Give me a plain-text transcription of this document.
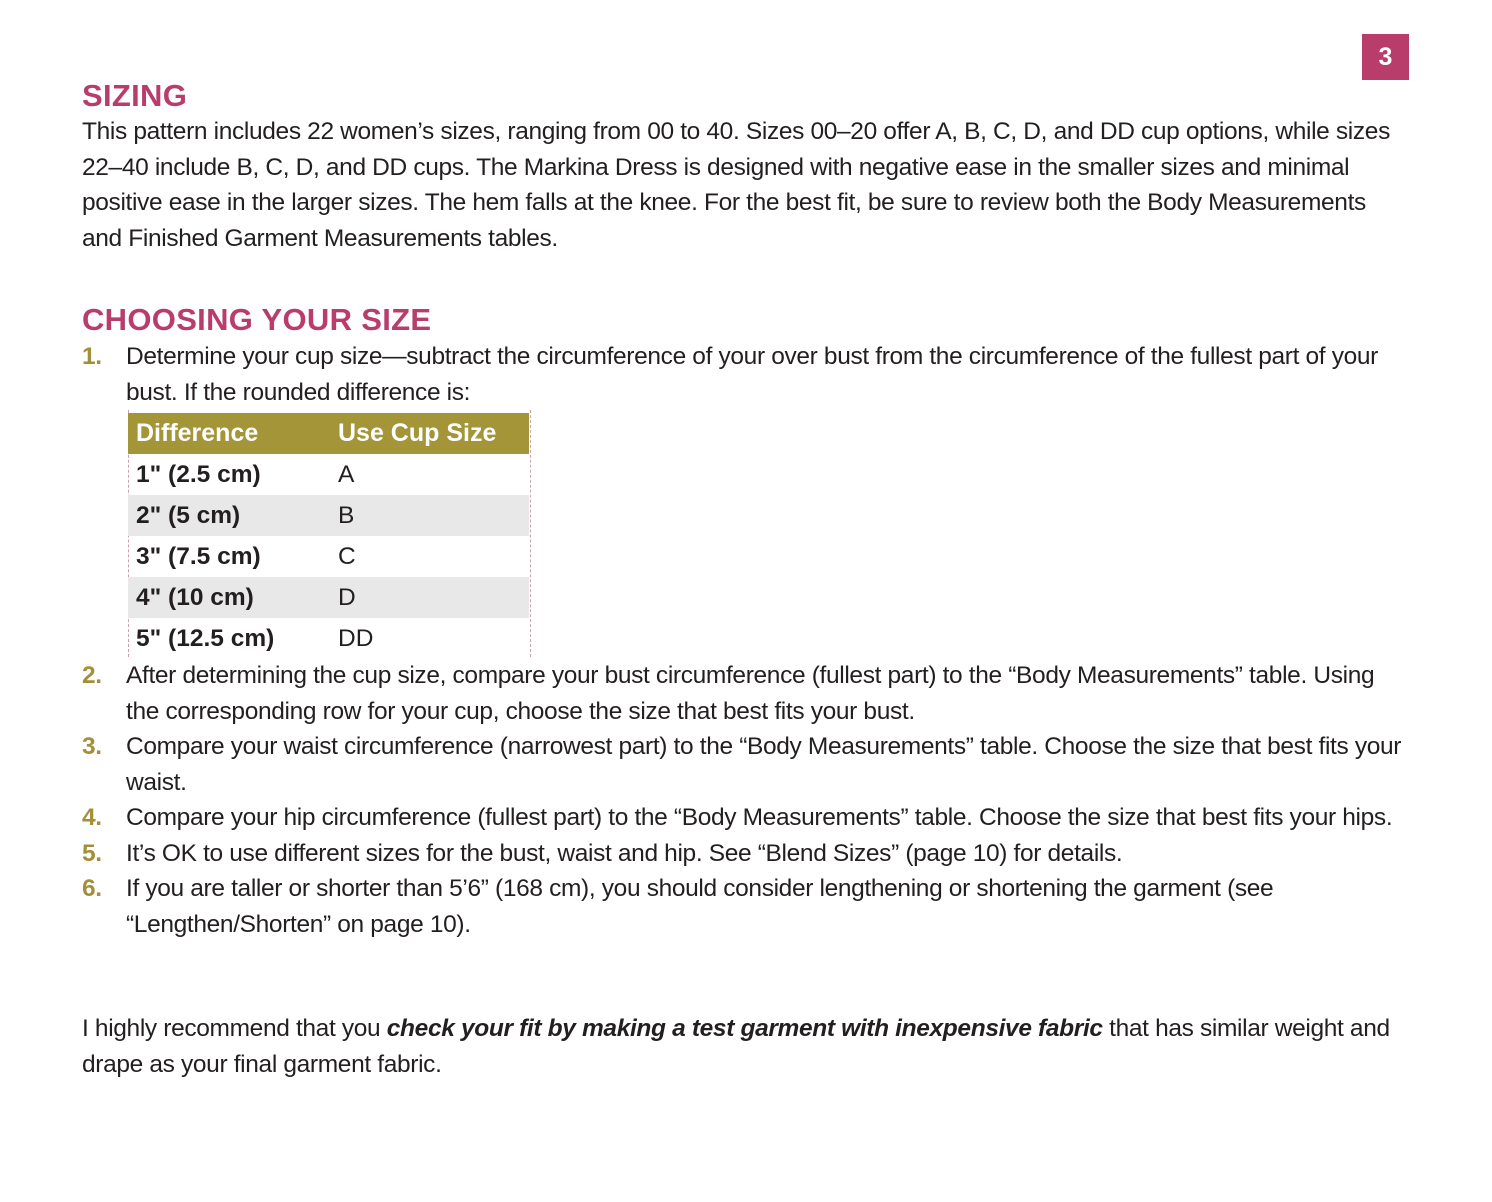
3
SIZING

This pattern includes 22 women’s sizes, ranging from 00 to 40. Sizes 00–20 offer A, B, C, D, and DD cup options, while sizes 22–40 include B, C, D, and DD cups. The Markina Dress is designed with negative ease in the smaller sizes and minimal positive ease in the larger sizes. The hem falls at the knee. For the best fit, be sure to review both the Body Measurements and Finished Garment Measurements tables.

CHOOSING YOUR SIZE
1. Determine your cup size—subtract the circumference of your over bust from the circumference of the fullest part of your bust. If the rounded difference is:
Difference	Use Cup Size
1" (2.5 cm)	A
2" (5 cm)	B
3" (7.5 cm)	C
4" (10 cm)	D
5" (12.5 cm)	DD
2. After determining the cup size, compare your bust circumference (fullest part) to the “Body Measurements” table. Using the corresponding row for your cup, choose the size that best fits your bust.
3. Compare your waist circumference (narrowest part) to the “Body Measurements” table. Choose the size that best fits your waist.
4. Compare your hip circumference (fullest part) to the “Body Measurements” table. Choose the size that best fits your hips.
5. It’s OK to use different sizes for the bust, waist and hip. See “Blend Sizes” (page 10) for details.
6. If you are taller or shorter than 5’6” (168 cm), you should consider lengthening or shortening the garment (see “Lengthen/Shorten” on page 10).

I highly recommend that you check your fit by making a test garment with inexpensive fabric that has similar weight and drape as your final garment fabric.
